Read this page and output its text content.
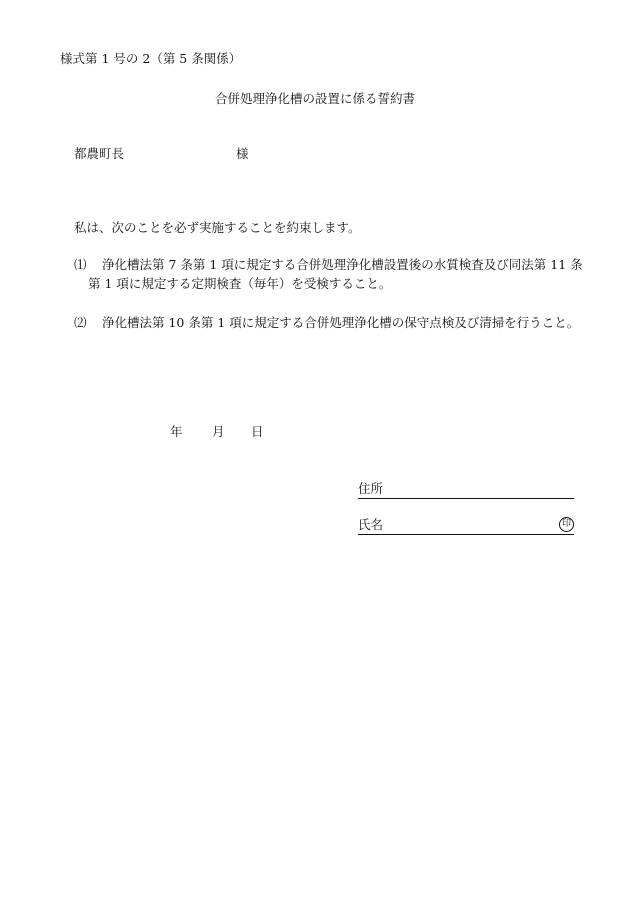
様式第 1 号の 2（第 5 条関係）
合併処理浄化槽の設置に係る誓約書
都農町長	様
私は、次のことを必ず実施することを約束します。
⑴ 浄化槽法第 7 条第 1 項に規定する合併処理浄化槽設置後の水質検査及び同法第 11 条
第 1 項に規定する定期検査（毎年）を受検すること。
⑵ 浄化槽法第 10 条第 1 項に規定する合併処理浄化槽の保守点検及び清掃を行うこと。
年 月 日
住所
氏名	印
